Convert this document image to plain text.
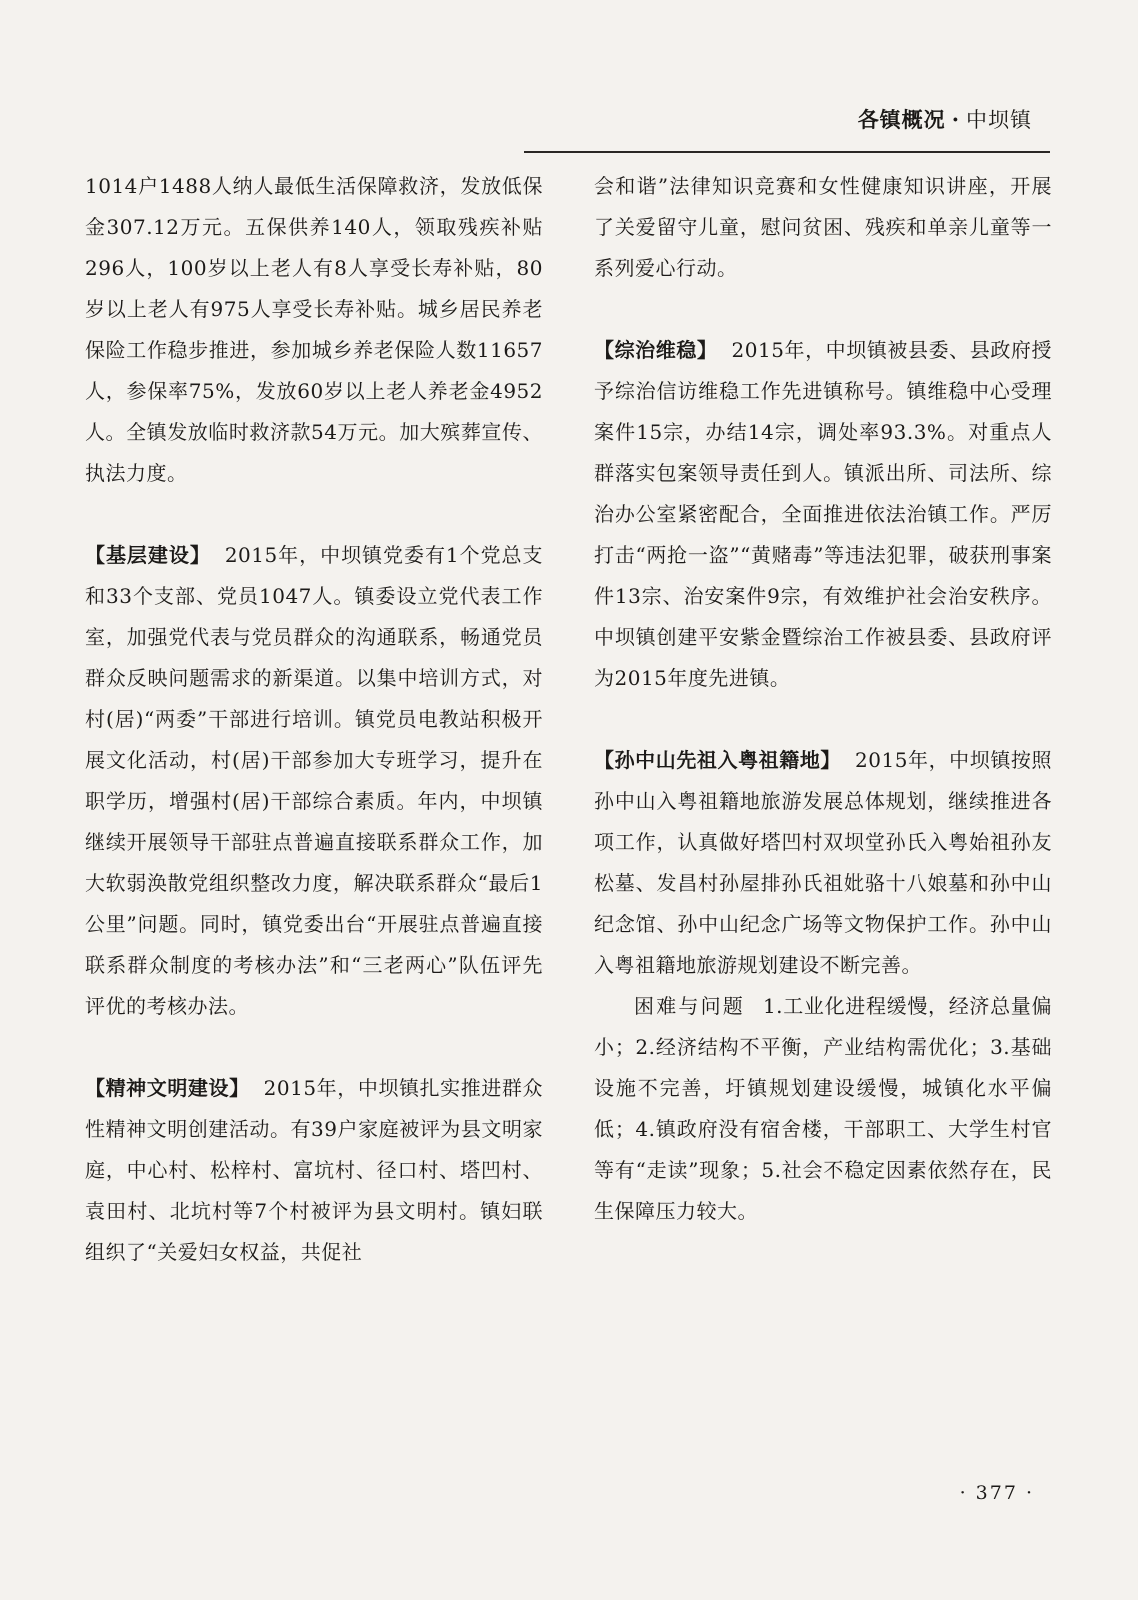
各镇概况 · 中坝镇

1014户1488人纳人最低生活保障救济，发放低保金307.12万元。五保供养140人，领取残疾补贴296人，100岁以上老人有8人享受长寿补贴，80岁以上老人有975人享受长寿补贴。城乡居民养老保险工作稳步推进，参加城乡养老保险人数11657人，参保率75%，发放60岁以上老人养老金4952人。全镇发放临时救济款54万元。加大殡葬宣传、执法力度。

【基层建设】 2015年，中坝镇党委有1个党总支和33个支部、党员1047人。镇委设立党代表工作室，加强党代表与党员群众的沟通联系，畅通党员群众反映问题需求的新渠道。以集中培训方式，对村(居)“两委”干部进行培训。镇党员电教站积极开展文化活动，村(居)干部参加大专班学习，提升在职学历，增强村(居)干部综合素质。年内，中坝镇继续开展领导干部驻点普遍直接联系群众工作，加大软弱涣散党组织整改力度，解决联系群众“最后1公里”问题。同时，镇党委出台“开展驻点普遍直接联系群众制度的考核办法”和“三老两心”队伍评先评优的考核办法。

【精神文明建设】 2015年，中坝镇扎实推进群众性精神文明创建活动。有39户家庭被评为县文明家庭，中心村、松梓村、富坑村、径口村、塔凹村、袁田村、北坑村等7个村被评为县文明村。镇妇联组织了“关爱妇女权益，共促社

会和谐”法律知识竞赛和女性健康知识讲座，开展了关爱留守儿童，慰问贫困、残疾和单亲儿童等一系列爱心行动。

【综治维稳】 2015年，中坝镇被县委、县政府授予综治信访维稳工作先进镇称号。镇维稳中心受理案件15宗，办结14宗，调处率93.3%。对重点人群落实包案领导责任到人。镇派出所、司法所、综治办公室紧密配合，全面推进依法治镇工作。严厉打击“两抢一盗”“黄赌毒”等违法犯罪，破获刑事案件13宗、治安案件9宗，有效维护社会治安秩序。中坝镇创建平安紫金暨综治工作被县委、县政府评为2015年度先进镇。

【孙中山先祖入粤祖籍地】 2015年，中坝镇按照孙中山入粤祖籍地旅游发展总体规划，继续推进各项工作，认真做好塔凹村双坝堂孙氏入粤始祖孙友松墓、发昌村孙屋排孙氏祖妣骆十八娘墓和孙中山纪念馆、孙中山纪念广场等文物保护工作。孙中山入粤祖籍地旅游规划建设不断完善。

困难与问题 1.工业化进程缓慢，经济总量偏小；2.经济结构不平衡，产业结构需优化；3.基础设施不完善，圩镇规划建设缓慢，城镇化水平偏低；4.镇政府没有宿舍楼，干部职工、大学生村官等有“走读”现象；5.社会不稳定因素依然存在，民生保障压力较大。

· 377 ·
